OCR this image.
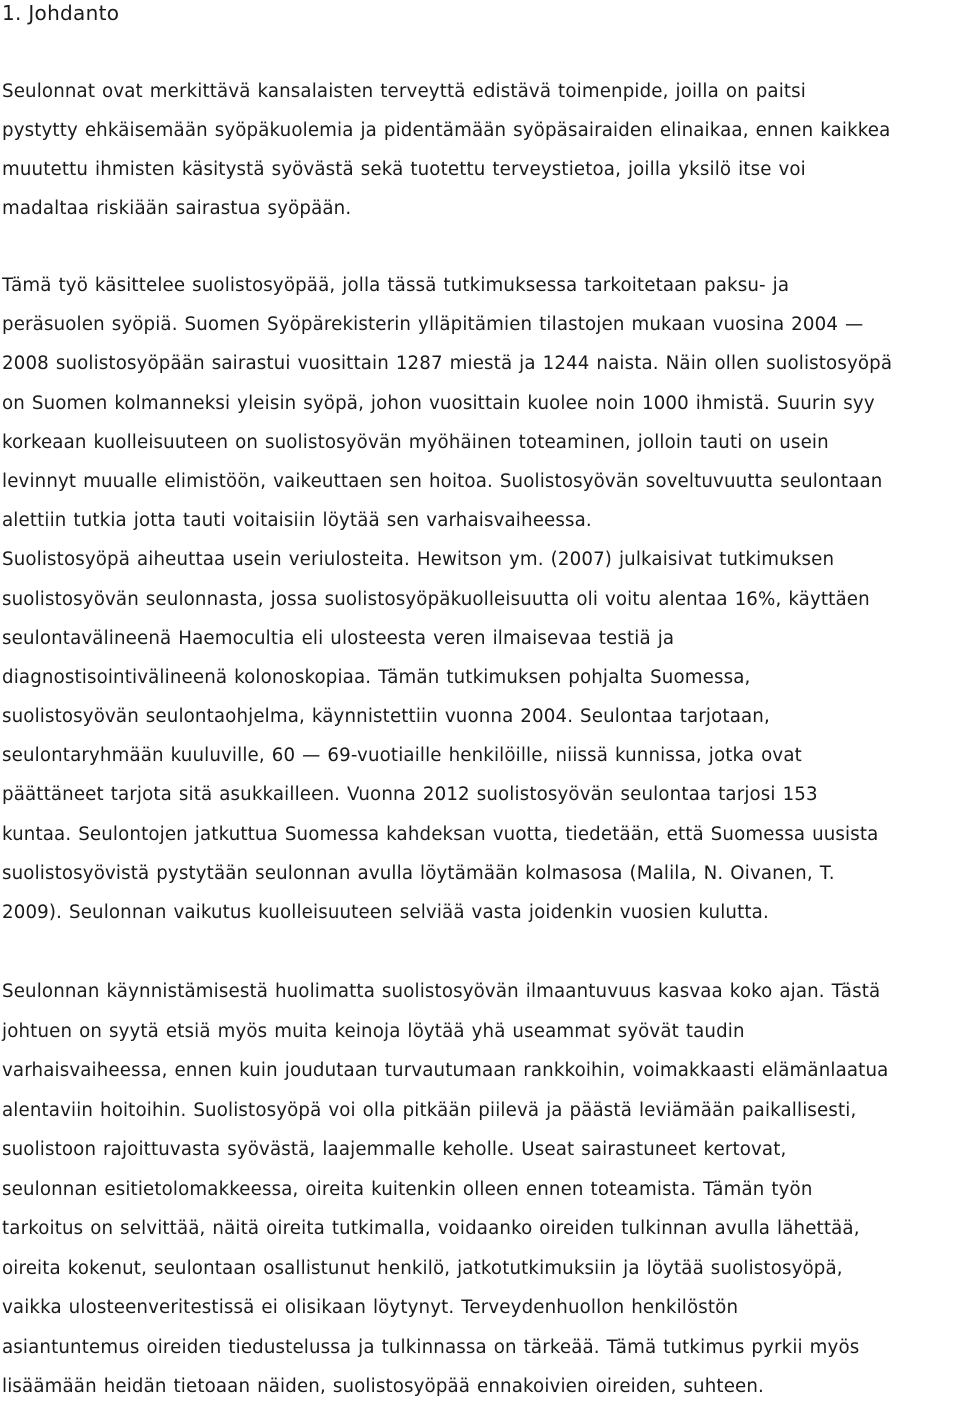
1. Johdanto
Seulonnat ovat merkittävä kansalaisten terveyttä edistävä toimenpide, joilla on paitsi
pystytty ehkäisemään syöpäkuolemia ja pidentämään syöpäsairaiden elinaikaa, ennen kaikkea
muutettu ihmisten käsitystä syövästä sekä tuotettu terveystietoa, joilla yksilö itse voi
madaltaa riskiään sairastua syöpään.
Tämä työ käsittelee suolistosyöpää, jolla tässä tutkimuksessa tarkoitetaan paksu- ja
peräsuolen syöpiä. Suomen Syöpärekisterin ylläpitämien tilastojen mukaan vuosina 2004 —
2008 suolistosyöpään sairastui vuosittain 1287 miestä ja 1244 naista. Näin ollen suolistosyöpä
on Suomen kolmanneksi yleisin syöpä, johon vuosittain kuolee noin 1000 ihmistä. Suurin syy
korkeaan kuolleisuuteen on suolistosyövän myöhäinen toteaminen, jolloin tauti on usein
levinnyt muualle elimistöön, vaikeuttaen sen hoitoa. Suolistosyövän soveltuvuutta seulontaan
alettiin tutkia jotta tauti voitaisiin löytää sen varhaisvaiheessa.
Suolistosyöpä aiheuttaa usein veriulosteita. Hewitson ym. (2007) julkaisivat tutkimuksen
suolistosyövän seulonnasta, jossa suolistosyöpäkuolleisuutta oli voitu alentaa 16%, käyttäen
seulontavälineenä Haemocultia eli ulosteesta veren ilmaisevaa testiä ja
diagnostisointivälineenä kolonoskopiaa. Tämän tutkimuksen pohjalta Suomessa,
suolistosyövän seulontaohjelma, käynnistettiin vuonna 2004. Seulontaa tarjotaan,
seulontaryhmään kuuluville, 60 — 69-vuotiaille henkilöille, niissä kunnissa, jotka ovat
päättäneet tarjota sitä asukkailleen. Vuonna 2012 suolistosyövän seulontaa tarjosi 153
kuntaa. Seulontojen jatkuttua Suomessa kahdeksan vuotta, tiedetään, että Suomessa uusista
suolistosyövistä pystytään seulonnan avulla löytämään kolmasosa (Malila, N. Oivanen, T.
2009). Seulonnan vaikutus kuolleisuuteen selviää vasta joidenkin vuosien kulutta.
Seulonnan käynnistämisestä huolimatta suolistosyövän ilmaantuvuus kasvaa koko ajan. Tästä
johtuen on syytä etsiä myös muita keinoja löytää yhä useammat syövät taudin
varhaisvaiheessa, ennen kuin joudutaan turvautumaan rankkoihin, voimakkaasti elämänlaatua
alentaviin hoitoihin. Suolistosyöpä voi olla pitkään piilevä ja päästä leviämään paikallisesti,
suolistoon rajoittuvasta syövästä, laajemmalle keholle. Useat sairastuneet kertovat,
seulonnan esitietolomakkeessa, oireita kuitenkin olleen ennen toteamista. Tämän työn
tarkoitus on selvittää, näitä oireita tutkimalla, voidaanko oireiden tulkinnan avulla lähettää,
oireita kokenut, seulontaan osallistunut henkilö, jatkotutkimuksiin ja löytää suolistosyöpä,
vaikka ulosteenveritestissä ei olisikaan löytynyt. Terveydenhuollon henkilöstön
asiantuntemus oireiden tiedustelussa ja tulkinnassa on tärkeää. Tämä tutkimus pyrkii myös
lisäämään heidän tietoaan näiden, suolistosyöpää ennakoivien oireiden, suhteen.
